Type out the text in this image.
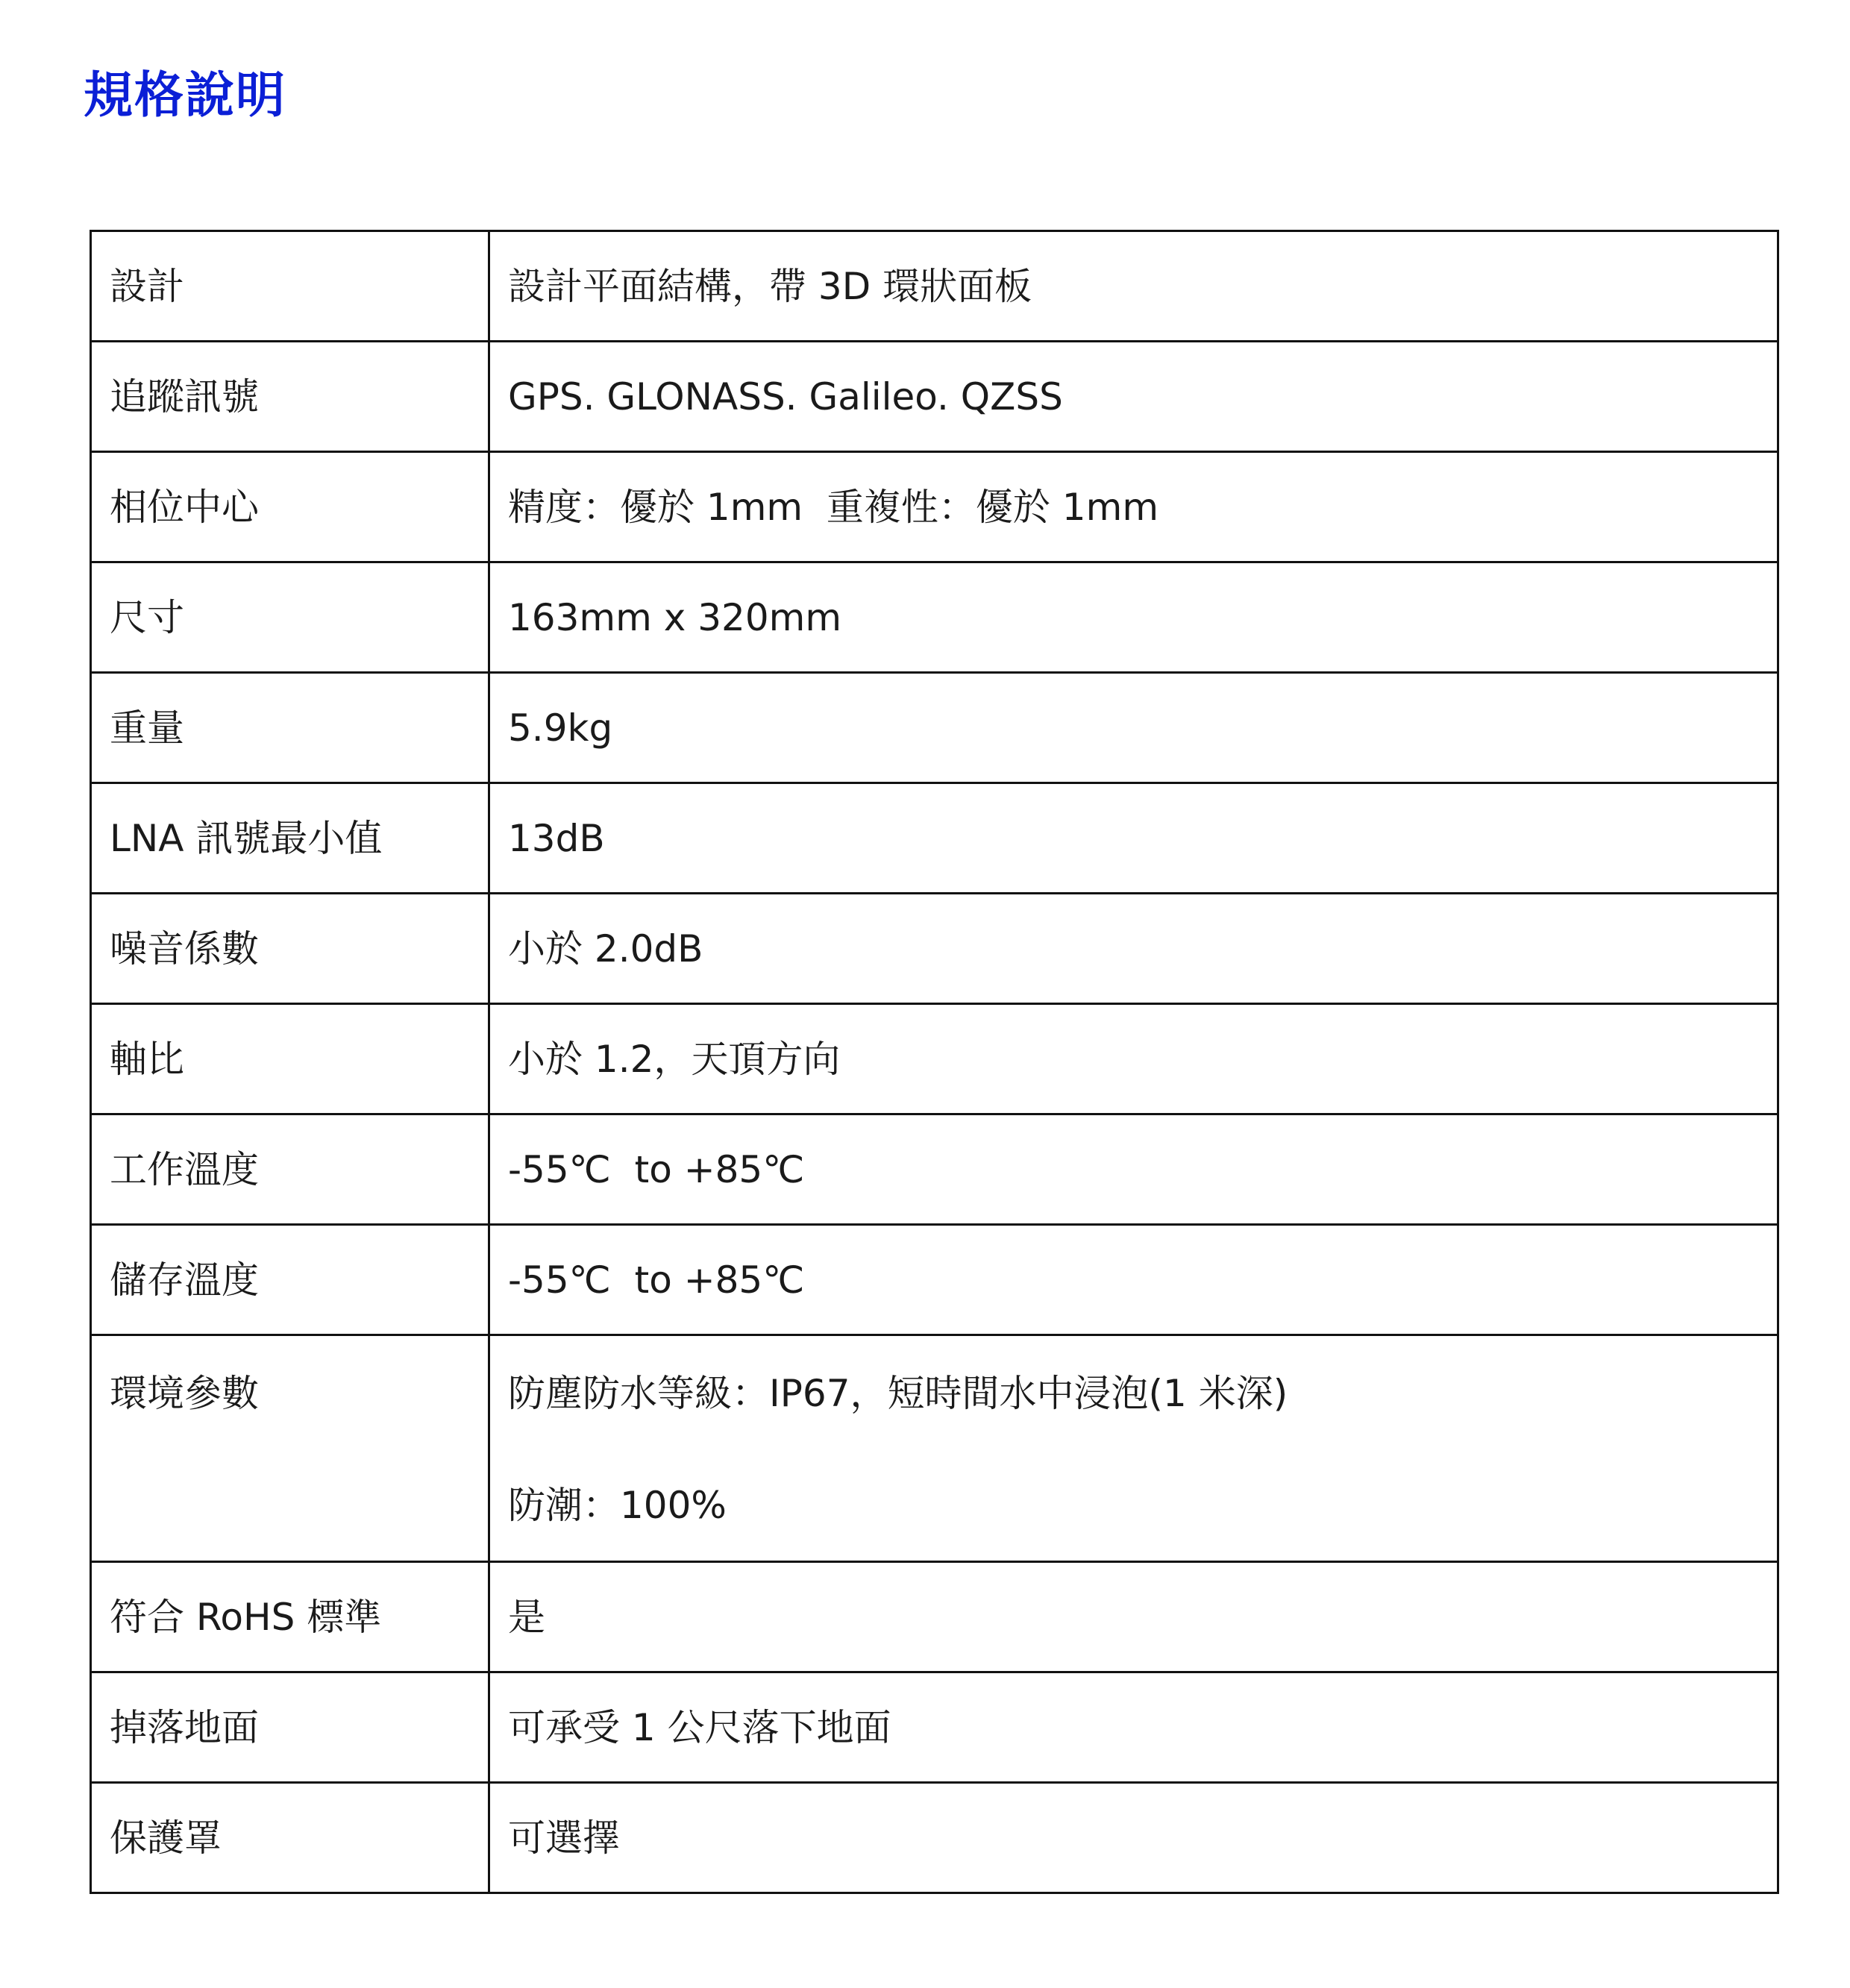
規格說明
設計	設計平面結構，帶 3D 環狀面板
追蹤訊號	GPS. GLONASS. Galileo. QZSS
相位中心	精度：優於 1mm  重複性：優於 1mm
尺寸	163mm x 320mm
重量	5.9kg
LNA 訊號最小值	13dB
噪音係數	小於 2.0dB
軸比	小於 1.2，天頂方向
工作溫度	-55℃  to +85℃
儲存溫度	-55℃  to +85℃
環境參數	防塵防水等級：IP67，短時間水中浸泡(1 米深)
防潮：100%

符合 RoHS 標準	是
掉落地面	可承受 1 公尺落下地面
保護罩	可選擇
